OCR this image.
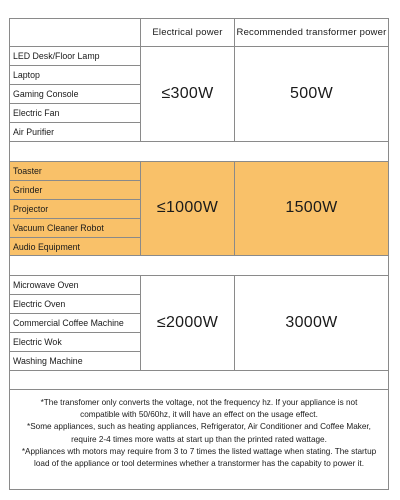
Electrical power	Recommended transformer power
LED Desk/Floor Lamp
Laptop
Gaming Console
Electric Fan
Air Purifier
≤300W	500W
Toaster
Grinder
Projector
Vacuum Cleaner Robot
Audio Equipment
≤1000W	1500W
Microwave Oven
Electric Oven
Commercial Coffee Machine
Electric Wok
Washing Machine
≤2000W	3000W

*The transfomer only converts the voltage, not the frequency hz. If your appliance is not compatible with 50/60hz, it will have an effect on the usage effect.

*Some appliances, such as heating appliances, Refrigerator, Air Conditioner and Coffee Maker, require 2-4 times more watts at start up than the printed rated wattage.

*Appliances wth motors may require from 3 to 7 times the listed wattage when stating. The startup load of the appliance or tool determines whether a transtormer has the capabity to power it.
